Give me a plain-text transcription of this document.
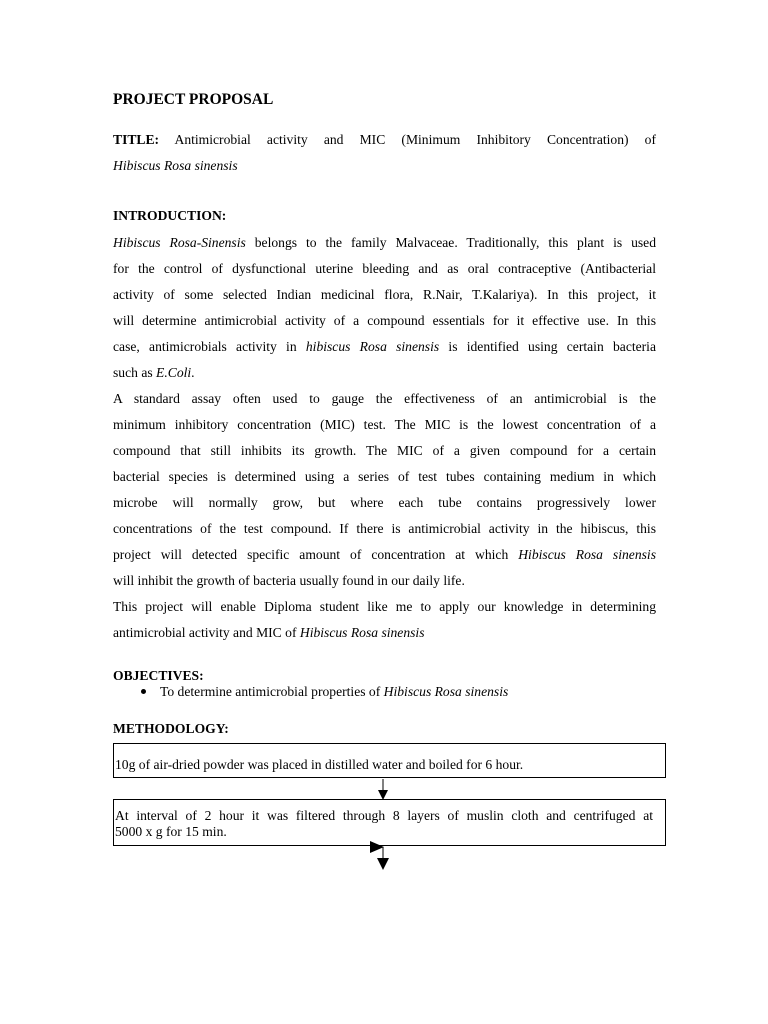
PROJECT PROPOSAL
TITLE: Antimicrobial activity and MIC (Minimum Inhibitory Concentration) of
Hibiscus Rosa sinensis
INTRODUCTION:
Hibiscus Rosa-Sinensis belongs to the family Malvaceae. Traditionally, this plant is used
for the control of dysfunctional uterine bleeding and as oral contraceptive (Antibacterial
activity of some selected Indian medicinal flora, R.Nair, T.Kalariya). In this project, it
will determine antimicrobial activity of a compound essentials for it effective use. In this
case, antimicrobials activity in hibiscus Rosa sinensis is identified using certain bacteria
such as E.Coli.
A standard assay often used to gauge the effectiveness of an antimicrobial is the
minimum inhibitory concentration (MIC) test. The MIC is the lowest concentration of a
compound that still inhibits its growth. The MIC of a given compound for a certain
bacterial species is determined using a series of test tubes containing medium in which
microbe will normally grow, but where each tube contains progressively lower
concentrations of the test compound. If there is antimicrobial activity in the hibiscus, this
project will detected specific amount of concentration at which Hibiscus Rosa sinensis
will inhibit the growth of bacteria usually found in our daily life.
This project will enable Diploma student like me to apply our knowledge in determining
antimicrobial activity and MIC of Hibiscus Rosa sinensis
OBJECTIVES:
To determine antimicrobial properties of Hibiscus Rosa sinensis
METHODOLOGY:
10g of air-dried powder was placed in distilled water and boiled for 6 hour.
At interval of 2 hour it was filtered through 8 layers of muslin cloth and centrifuged at
5000 x g for 15 min.
